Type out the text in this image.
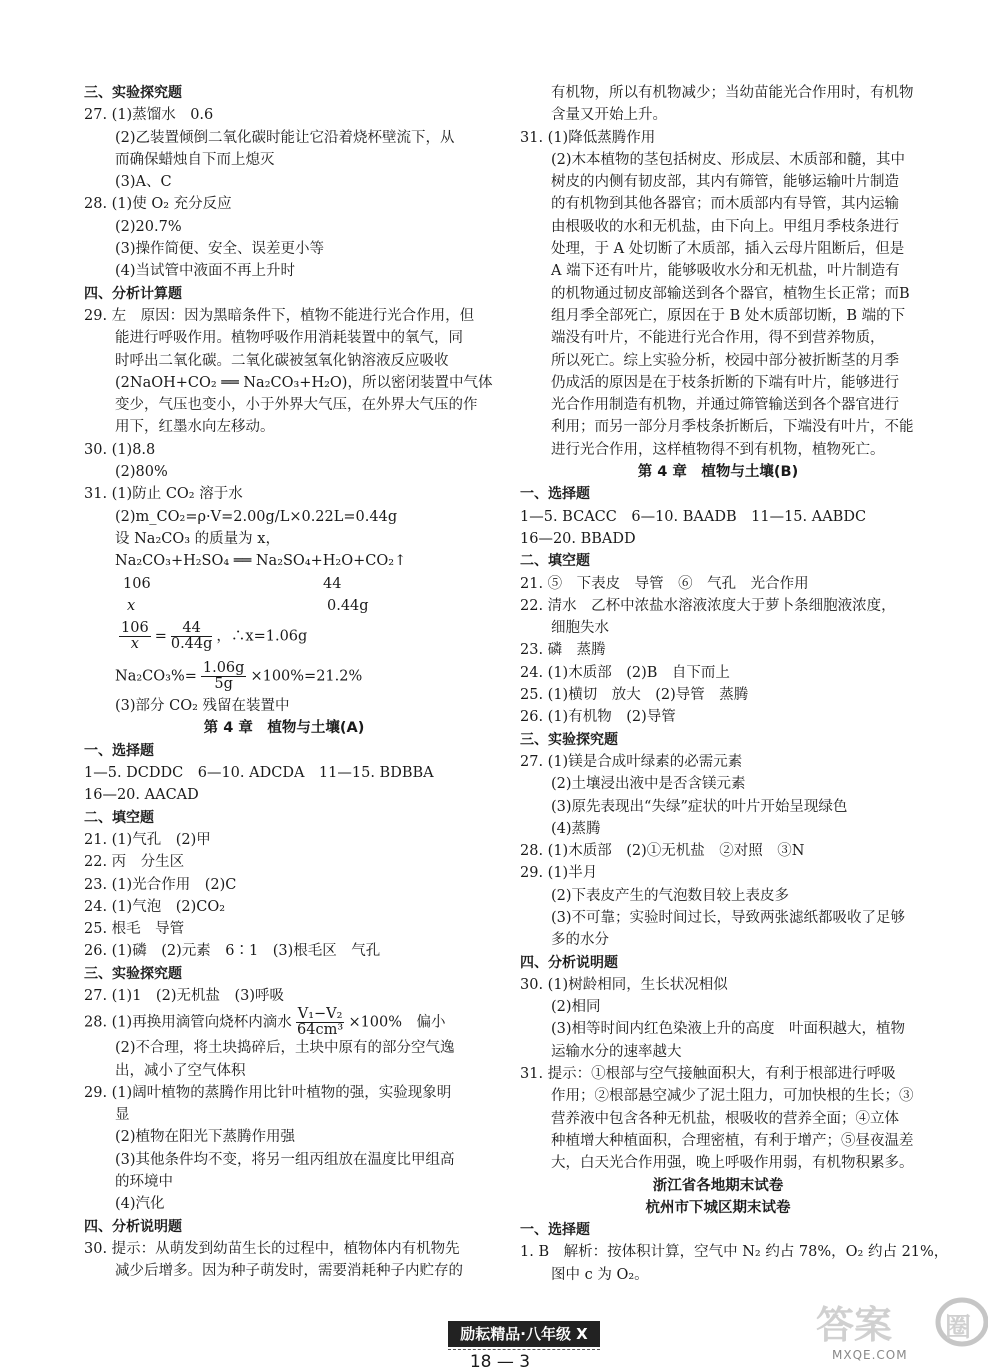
三、实验探究题
27. (1)蒸馏水　0.6
(2)乙装置倾倒二氧化碳时能让它沿着烧杯壁流下，从
而确保蜡烛自下而上熄灭
(3)A、C
28. (1)使 O₂ 充分反应
(2)20.7%
(3)操作简便、安全、误差更小等
(4)当试管中液面不再上升时
四、分析计算题
29. 左　原因：因为黑暗条件下，植物不能进行光合作用，但
能进行呼吸作用。植物呼吸作用消耗装置中的氧气，同
时呼出二氧化碳。二氧化碳被氢氧化钠溶液反应吸收
(2NaOH+CO₂ ══ Na₂CO₃+H₂O)，所以密闭装置中气体
变少，气压也变小，小于外界大气压，在外界大气压的作
用下，红墨水向左移动。
30. (1)8.8
(2)80%
31. (1)防止 CO₂ 溶于水
(2)m_CO₂=ρ·V=2.00g/L×0.22L=0.44g
设 Na₂CO₃ 的质量为 x，
Na₂CO₃+H₂SO₄ ══ Na₂SO₄+H₂O+CO₂↑
106	44
x	0.44g
$\frac{106}{x} = \frac{44}{0.44g}$ ，∴x=1.06g
$Na_2CO_3\%= \frac{1.06g}{5g} \times 100\%=21.2\%$
(3)部分 CO₂ 残留在装置中
第 4 章　植物与土壤(A)
一、选择题
1—5. DCDDC　6—10. ADCDA　11—15. BDBBA
16—20. AACAD
二、填空题
21. (1)气孔　(2)甲
22. 丙　分生区
23. (1)光合作用　(2)C
24. (1)气泡　(2)CO₂
25. 根毛　导管
26. (1)磷　(2)元素　6∶1　(3)根毛区　气孔
三、实验探究题
27. (1)1　(2)无机盐　(3)呼吸
28. (1)再换用滴管向烧杯内滴水 $\frac{\text{V₁−V₂}}{\text{64cm³}} \times 100\%$　偏小
(2)不合理，将土块捣碎后，土块中原有的部分空气逸
出，减小了空气体积
29. (1)阔叶植物的蒸腾作用比针叶植物的强，实验现象明
显
(2)植物在阳光下蒸腾作用强
(3)其他条件均不变，将另一组丙组放在温度比甲组高
的环境中
(4)汽化
四、分析说明题
30. 提示：从萌发到幼苗生长的过程中，植物体内有机物先
减少后增多。因为种子萌发时，需要消耗种子内贮存的
有机物，所以有机物减少；当幼苗能光合作用时，有机物
含量又开始上升。
31. (1)降低蒸腾作用
(2)木本植物的茎包括树皮、形成层、木质部和髓，其中
树皮的内侧有韧皮部，其内有筛管，能够运输叶片制造
的有机物到其他各器官；而木质部内有导管，其内运输
由根吸收的水和无机盐，由下向上。甲组月季枝条进行
处理，于 A 处切断了木质部，插入云母片阻断后，但是
A 端下还有叶片，能够吸收水分和无机盐，叶片制造有
的机物通过韧皮部输送到各个器官，植物生长正常；而B
组月季全部死亡，原因在于 B 处木质部切断，B 端的下
端没有叶片，不能进行光合作用，得不到营养物质，
所以死亡。综上实验分析，校园中部分被折断茎的月季
仍成活的原因是在于枝条折断的下端有叶片，能够进行
光合作用制造有机物，并通过筛管输送到各个器官进行
利用；而另一部分月季枝条折断后，下端没有叶片，不能
进行光合作用，这样植物得不到有机物，植物死亡。
第 4 章　植物与土壤(B)
一、选择题
1—5. BCACC　6—10. BAADB　11—15. AABDC
16—20. BBADD
二、填空题
21. ⑤　下表皮　导管　⑥　气孔　光合作用
22. 清水　乙杯中浓盐水溶液浓度大于萝卜条细胞液浓度，
细胞失水
23. 磷　蒸腾
24. (1)木质部　(2)B　自下而上
25. (1)横切　放大　(2)导管　蒸腾
26. (1)有机物　(2)导管
三、实验探究题
27. (1)镁是合成叶绿素的必需元素
(2)土壤浸出液中是否含镁元素
(3)原先表现出“失绿”症状的叶片开始呈现绿色
(4)蒸腾
28. (1)木质部　(2)①无机盐　②对照　③N
29. (1)半月
(2)下表皮产生的气泡数目较上表皮多
(3)不可靠；实验时间过长，导致两张滤纸都吸收了足够
多的水分
四、分析说明题
30. (1)树龄相同，生长状况相似
(2)相同
(3)相等时间内红色染液上升的高度　叶面积越大，植物
运输水分的速率越大
31. 提示：①根部与空气接触面积大，有利于根部进行呼吸
作用；②根部悬空减少了泥土阻力，可加快根的生长；③
营养液中包含各种无机盐，根吸收的营养全面；④立体
种植增大种植面积，合理密植，有利于增产；⑤昼夜温差
大，白天光合作用强，晚上呼吸作用弱，有机物积累多。
浙江省各地期末试卷
杭州市下城区期末试卷
一、选择题
1. B　解析：按体积计算，空气中 N₂ 约占 78%，O₂ 约占 21%，
图中 c 为 O₂。
励耘精品·八年级 X
18 — 3
答案 圈
MXQE.COM
